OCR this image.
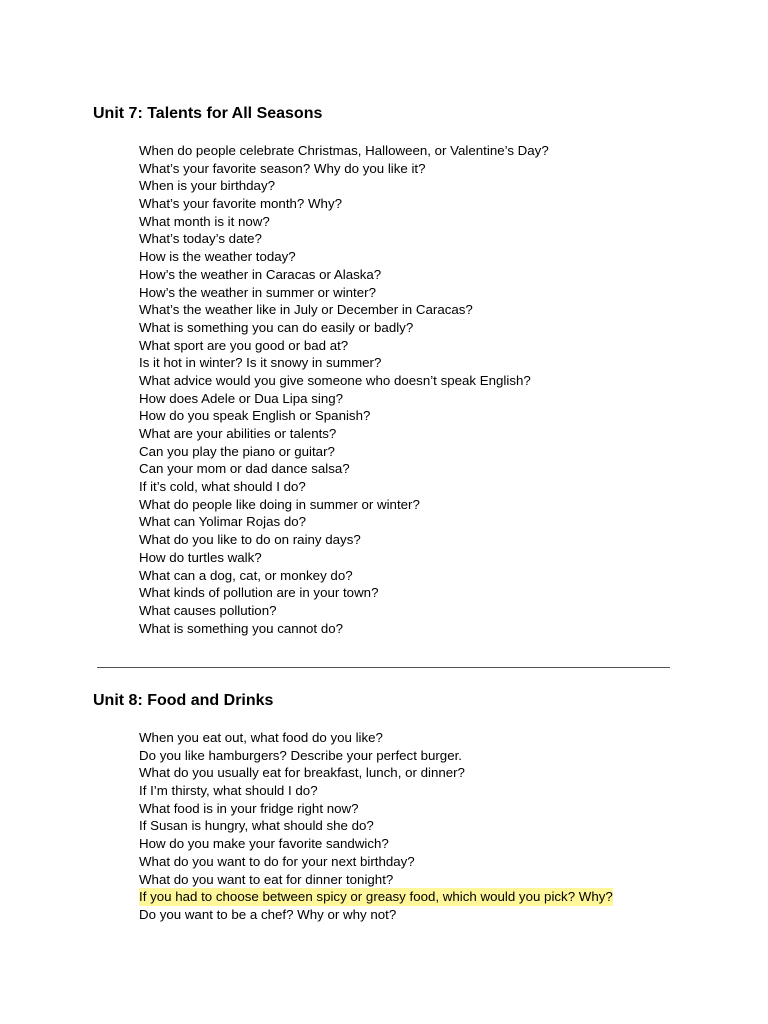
Unit 7: Talents for All Seasons
When do people celebrate Christmas, Halloween, or Valentine’s Day?
What’s your favorite season? Why do you like it?
When is your birthday?
What’s your favorite month? Why?
What month is it now?
What’s today’s date?
How is the weather today?
How’s the weather in Caracas or Alaska?
How’s the weather in summer or winter?
What’s the weather like in July or December in Caracas?
What is something you can do easily or badly?
What sport are you good or bad at?
Is it hot in winter? Is it snowy in summer?
What advice would you give someone who doesn’t speak English?
How does Adele or Dua Lipa sing?
How do you speak English or Spanish?
What are your abilities or talents?
Can you play the piano or guitar?
Can your mom or dad dance salsa?
If it’s cold, what should I do?
What do people like doing in summer or winter?
What can Yolimar Rojas do?
What do you like to do on rainy days?
How do turtles walk?
What can a dog, cat, or monkey do?
What kinds of pollution are in your town?
What causes pollution?
What is something you cannot do?
Unit 8: Food and Drinks
When you eat out, what food do you like?
Do you like hamburgers? Describe your perfect burger.
What do you usually eat for breakfast, lunch, or dinner?
If I’m thirsty, what should I do?
What food is in your fridge right now?
If Susan is hungry, what should she do?
How do you make your favorite sandwich?
What do you want to do for your next birthday?
What do you want to eat for dinner tonight?
If you had to choose between spicy or greasy food, which would you pick? Why?
Do you want to be a chef? Why or why not?
